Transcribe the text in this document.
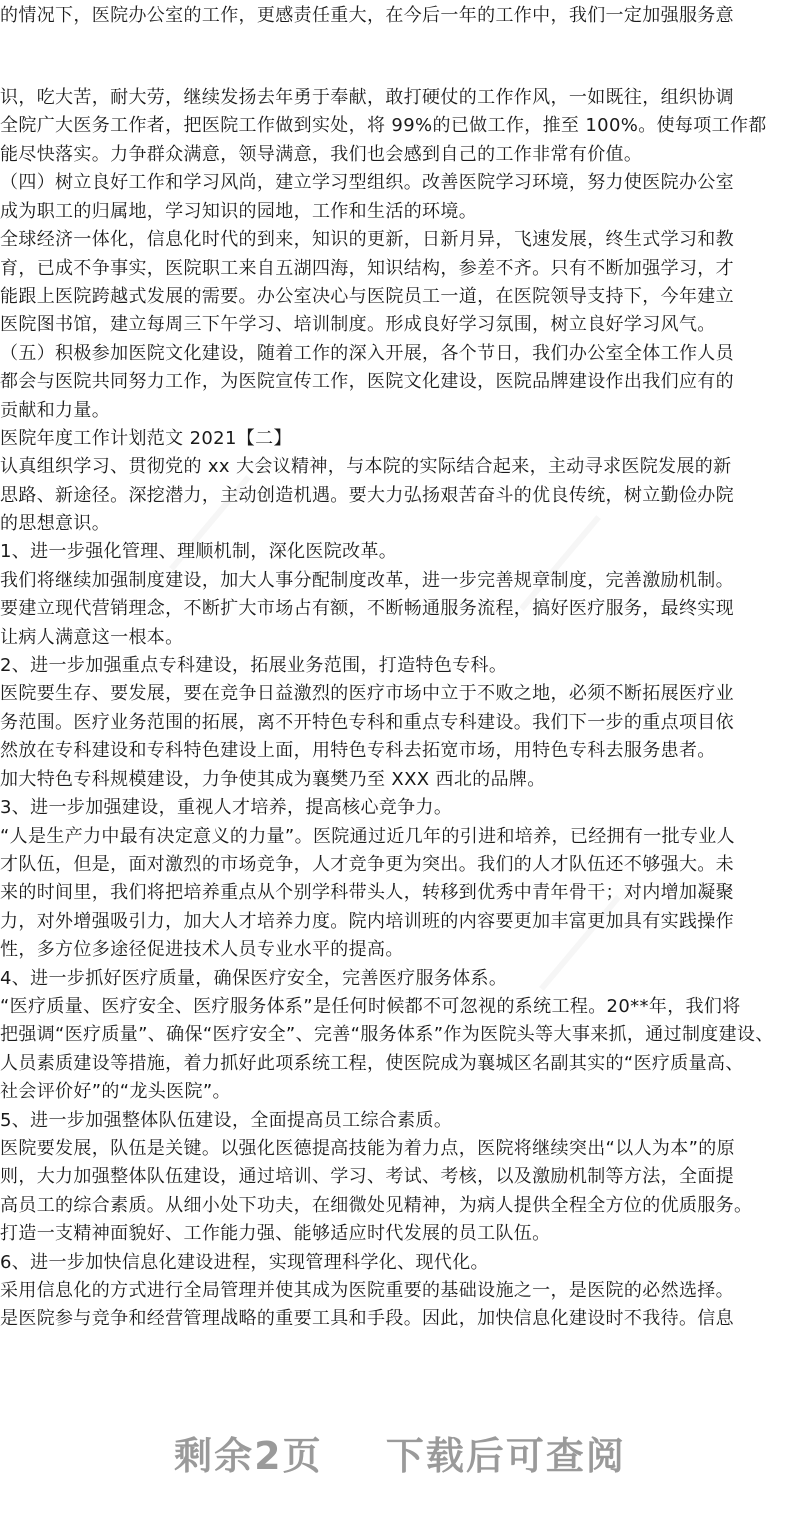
的情况下，医院办公室的工作，更感责任重大，在今后一年的工作中，我们一定加强服务意
识，吃大苦，耐大劳，继续发扬去年勇于奉献，敢打硬仗的工作作风，一如既往，组织协调
全院广大医务工作者，把医院工作做到实处，将 99%的已做工作，推至 100%。使每项工作都
能尽快落实。力争群众满意，领导满意，我们也会感到自己的工作非常有价值。
（四）树立良好工作和学习风尚，建立学习型组织。改善医院学习环境，努力使医院办公室
成为职工的归属地，学习知识的园地，工作和生活的环境。
全球经济一体化，信息化时代的到来，知识的更新，日新月异，飞速发展，终生式学习和教
育，已成不争事实，医院职工来自五湖四海，知识结构，参差不齐。只有不断加强学习，才
能跟上医院跨越式发展的需要。办公室决心与医院员工一道，在医院领导支持下，今年建立
医院图书馆，建立每周三下午学习、培训制度。形成良好学习氛围，树立良好学习风气。
（五）积极参加医院文化建设，随着工作的深入开展，各个节日，我们办公室全体工作人员
都会与医院共同努力工作，为医院宣传工作，医院文化建设，医院品牌建设作出我们应有的
贡献和力量。
医院年度工作计划范文 2021【二】
认真组织学习、贯彻党的 xx 大会议精神，与本院的实际结合起来，主动寻求医院发展的新
思路、新途径。深挖潜力，主动创造机遇。要大力弘扬艰苦奋斗的优良传统，树立勤俭办院
的思想意识。
1、进一步强化管理、理顺机制，深化医院改革。
我们将继续加强制度建设，加大人事分配制度改革，进一步完善规章制度，完善激励机制。
要建立现代营销理念，不断扩大市场占有额，不断畅通服务流程，搞好医疗服务，最终实现
让病人满意这一根本。
2、进一步加强重点专科建设，拓展业务范围，打造特色专科。
医院要生存、要发展，要在竞争日益激烈的医疗市场中立于不败之地，必须不断拓展医疗业
务范围。医疗业务范围的拓展，离不开特色专科和重点专科建设。我们下一步的重点项目依
然放在专科建设和专科特色建设上面，用特色专科去拓宽市场，用特色专科去服务患者。
加大特色专科规模建设，力争使其成为襄樊乃至 XXX 西北的品牌。
3、进一步加强建设，重视人才培养，提高核心竞争力。
“人是生产力中最有决定意义的力量”。医院通过近几年的引进和培养，已经拥有一批专业人
才队伍，但是，面对激烈的市场竞争，人才竞争更为突出。我们的人才队伍还不够强大。未
来的时间里，我们将把培养重点从个别学科带头人，转移到优秀中青年骨干；对内增加凝聚
力，对外增强吸引力，加大人才培养力度。院内培训班的内容要更加丰富更加具有实践操作
性，多方位多途径促进技术人员专业水平的提高。
4、进一步抓好医疗质量，确保医疗安全，完善医疗服务体系。
“医疗质量、医疗安全、医疗服务体系”是任何时候都不可忽视的系统工程。20**年，我们将
把强调“医疗质量”、确保“医疗安全”、完善“服务体系”作为医院头等大事来抓，通过制度建设、
人员素质建设等措施，着力抓好此项系统工程，使医院成为襄城区名副其实的“医疗质量高、
社会评价好”的“龙头医院”。
5、进一步加强整体队伍建设，全面提高员工综合素质。
医院要发展，队伍是关键。以强化医德提高技能为着力点，医院将继续突出“以人为本”的原
则，大力加强整体队伍建设，通过培训、学习、考试、考核，以及激励机制等方法，全面提
高员工的综合素质。从细小处下功夫，在细微处见精神，为病人提供全程全方位的优质服务。
打造一支精神面貌好、工作能力强、能够适应时代发展的员工队伍。
6、进一步加快信息化建设进程，实现管理科学化、现代化。
采用信息化的方式进行全局管理并使其成为医院重要的基础设施之一，是医院的必然选择。
是医院参与竞争和经营管理战略的重要工具和手段。因此，加快信息化建设时不我待。信息
剩余2页 下载后可查阅
